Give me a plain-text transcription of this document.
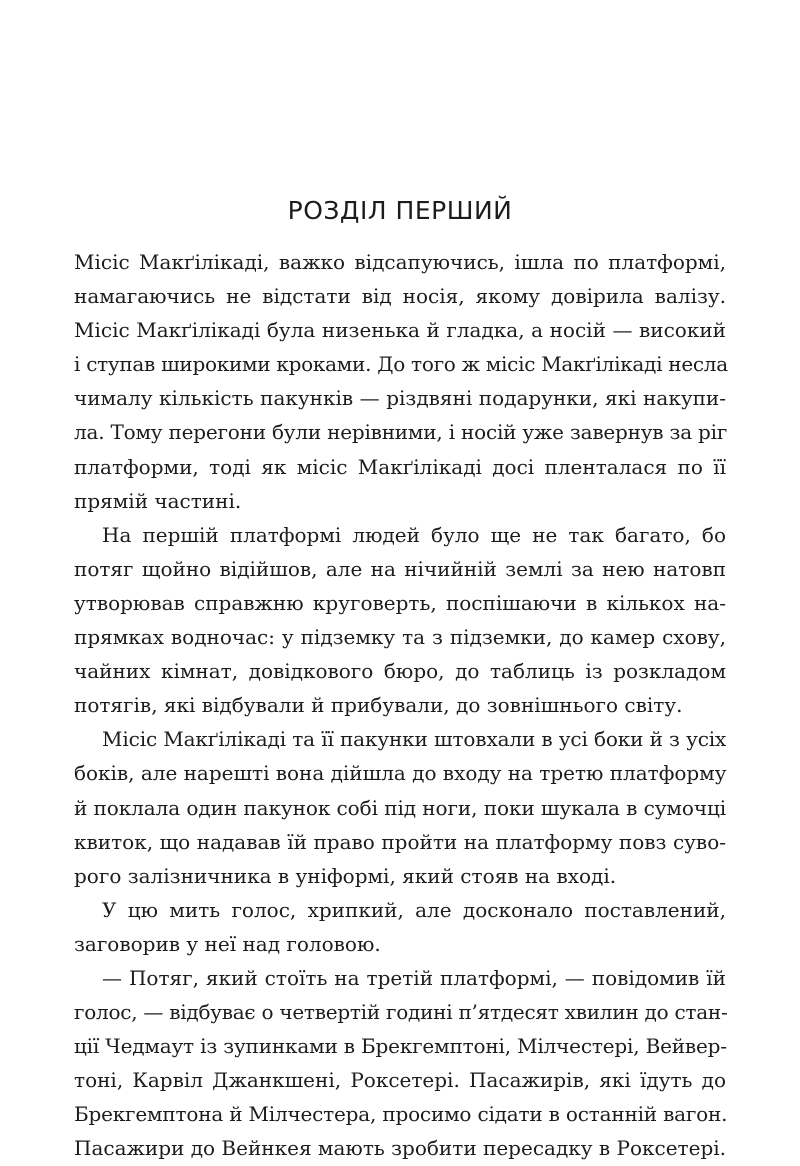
РОЗДІЛ ПЕРШИЙ
Місіс Макґілікаді, важко відсапуючись, ішла по платформі,
намагаючись не відстати від носія, якому довірила валізу.
Місіс Макґілікаді була низенька й гладка, а носій — високий
і ступав широкими кроками. До того ж місіс Макґілікаді несла
чималу кількість пакунків — різдвяні подарунки, які накупи-
ла. Тому перегони були нерівними, і носій уже завернув за ріг
платформи, тоді як місіс Макґілікаді досі пленталася по її
прямій частині.
На першій платформі людей було ще не так багато, бо
потяг щойно відійшов, але на нічийній землі за нею натовп
утворював справжню круговерть, поспішаючи в кількох на-
прямках водночас: у підземку та з підземки, до камер схову,
чайних кімнат, довідкового бюро, до таблиць із розкладом
потягів, які відбували й прибували, до зовнішнього світу.
Місіс Макґілікаді та її пакунки штовхали в усі боки й з усіх
боків, але нарешті вона дійшла до входу на третю платформу
й поклала один пакунок собі під ноги, поки шукала в сумочці
квиток, що надавав їй право пройти на платформу повз суво-
рого залізничника в уніформі, який стояв на вході.
У цю мить голос, хрипкий, але досконало поставлений,
заговорив у неї над головою.
— Потяг, який стоїть на третій платформі, — повідомив їй
голос, — відбуває о четвертій годині п’ятдесят хвилин до стан-
ції Чедмаут із зупинками в Брекгемптоні, Мілчестері, Вейвер-
тоні, Карвіл Джанкшені, Роксетері. Пасажирів, які їдуть до
Брекгемптона й Мілчестера, просимо сідати в останній вагон.
Пасажири до Вейнкея мають зробити пересадку в Роксетері.
